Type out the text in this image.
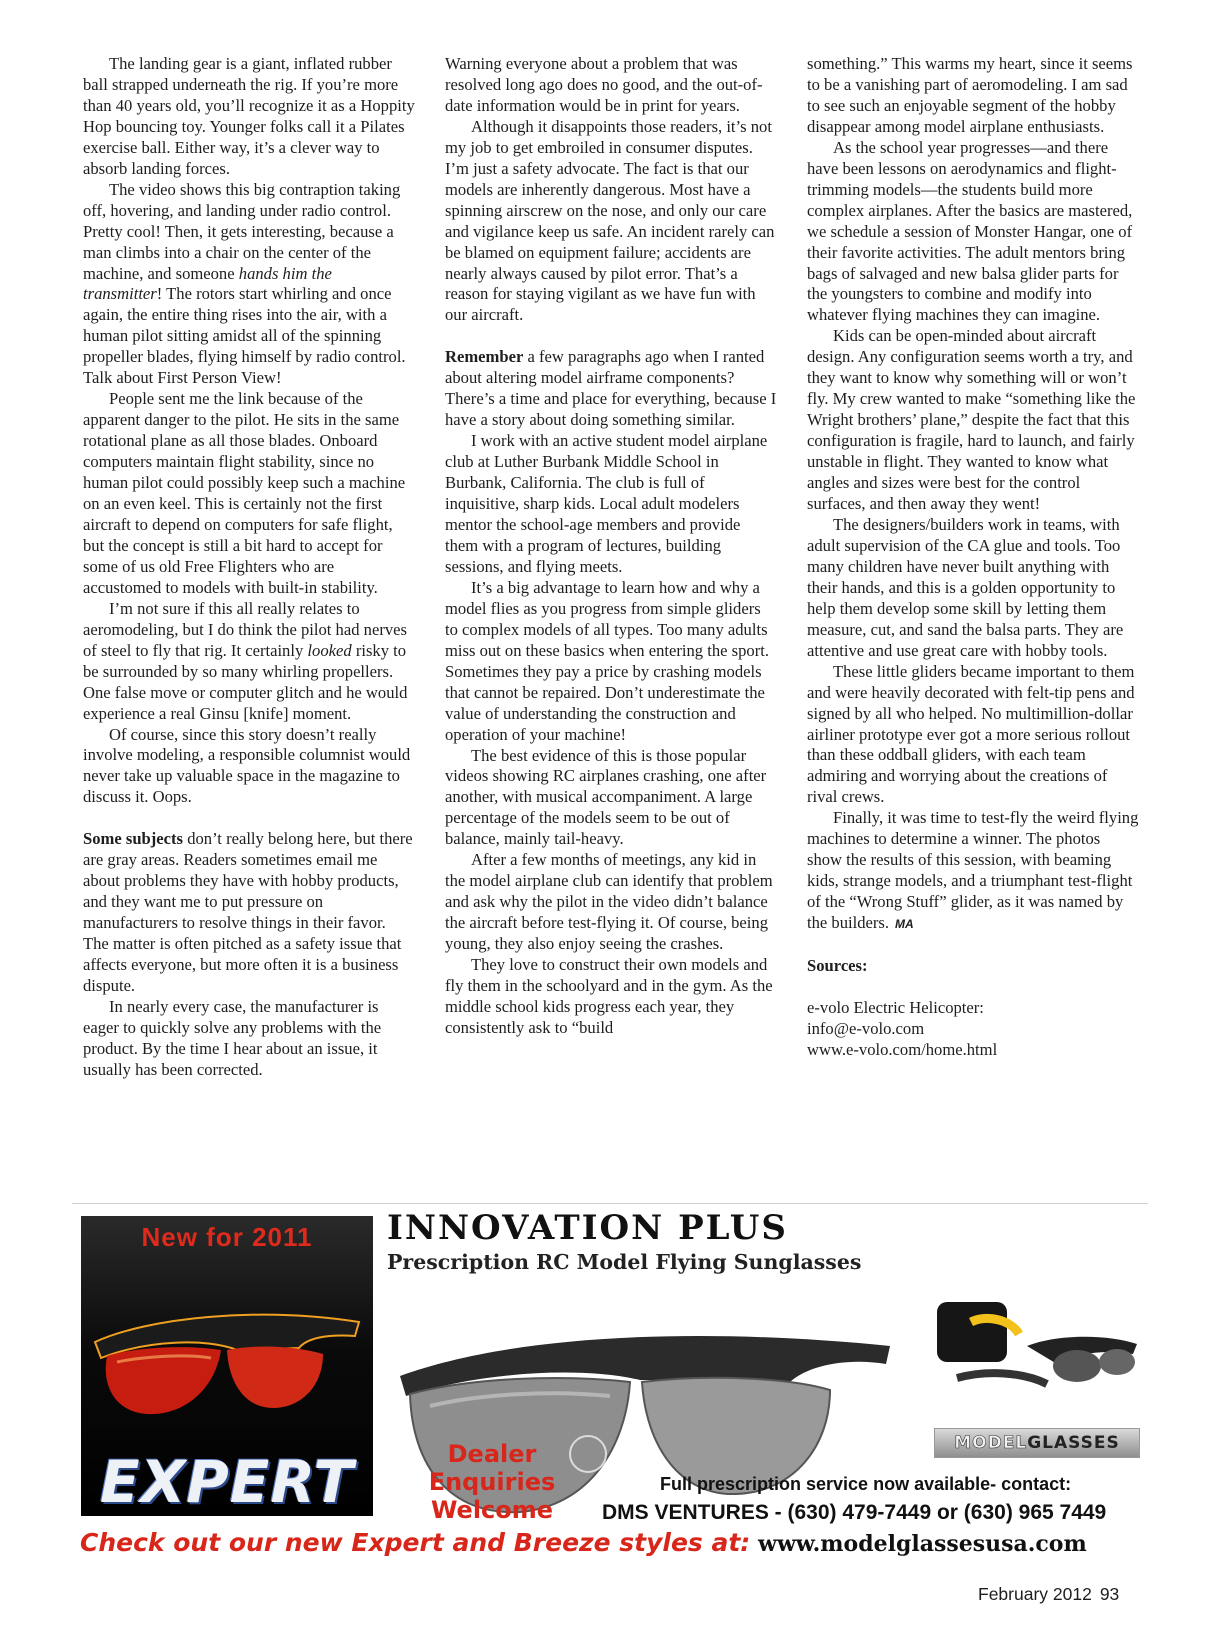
The landing gear is a giant, inflated rubber ball strapped underneath the rig. If you’re more than 40 years old, you’ll recognize it as a Hoppity Hop bouncing toy. Younger folks call it a Pilates exercise ball. Either way, it’s a clever way to absorb landing forces.

The video shows this big contraption taking off, hovering, and landing under radio control. Pretty cool! Then, it gets interesting, because a man climbs into a chair on the center of the machine, and someone hands him the transmitter! The rotors start whirling and once again, the entire thing rises into the air, with a human pilot sitting amidst all of the spinning propeller blades, flying himself by radio control. Talk about First Person View!

People sent me the link because of the apparent danger to the pilot. He sits in the same rotational plane as all those blades. Onboard computers maintain flight stability, since no human pilot could possibly keep such a machine on an even keel. This is certainly not the first aircraft to depend on computers for safe flight, but the concept is still a bit hard to accept for some of us old Free Flighters who are accustomed to models with built-in stability.

I’m not sure if this all really relates to aeromodeling, but I do think the pilot had nerves of steel to fly that rig. It certainly looked risky to be surrounded by so many whirling propellers. One false move or computer glitch and he would experience a real Ginsu [knife] moment.

Of course, since this story doesn’t really involve modeling, a responsible columnist would never take up valuable space in the magazine to discuss it. Oops.

Some subjects don’t really belong here, but there are gray areas. Readers sometimes email me about problems they have with hobby products, and they want me to put pressure on manufacturers to resolve things in their favor. The matter is often pitched as a safety issue that affects everyone, but more often it is a business dispute.

In nearly every case, the manufacturer is eager to quickly solve any problems with the product. By the time I hear about an issue, it usually has been corrected.

Warning everyone about a problem that was resolved long ago does no good, and the out-of-date information would be in print for years.

Although it disappoints those readers, it’s not my job to get embroiled in consumer disputes. I’m just a safety advocate. The fact is that our models are inherently dangerous. Most have a spinning airscrew on the nose, and only our care and vigilance keep us safe. An incident rarely can be blamed on equipment failure; accidents are nearly always caused by pilot error. That’s a reason for staying vigilant as we have fun with our aircraft.

Remember a few paragraphs ago when I ranted about altering model airframe components? There’s a time and place for everything, because I have a story about doing something similar.

I work with an active student model airplane club at Luther Burbank Middle School in Burbank, California. The club is full of inquisitive, sharp kids. Local adult modelers mentor the school-age members and provide them with a program of lectures, building sessions, and flying meets.

It’s a big advantage to learn how and why a model flies as you progress from simple gliders to complex models of all types. Too many adults miss out on these basics when entering the sport. Sometimes they pay a price by crashing models that cannot be repaired. Don’t underestimate the value of understanding the construction and operation of your machine!

The best evidence of this is those popular videos showing RC airplanes crashing, one after another, with musical accompaniment. A large percentage of the models seem to be out of balance, mainly tail-heavy.

After a few months of meetings, any kid in the model airplane club can identify that problem and ask why the pilot in the video didn’t balance the aircraft before test-flying it. Of course, being young, they also enjoy seeing the crashes.

They love to construct their own models and fly them in the schoolyard and in the gym. As the middle school kids progress each year, they consistently ask to “build

something.” This warms my heart, since it seems to be a vanishing part of aeromodeling. I am sad to see such an enjoyable segment of the hobby disappear among model airplane enthusiasts.

As the school year progresses—and there have been lessons on aerodynamics and flight-trimming models—the students build more complex airplanes. After the basics are mastered, we schedule a session of Monster Hangar, one of their favorite activities. The adult mentors bring bags of salvaged and new balsa glider parts for the youngsters to combine and modify into whatever flying machines they can imagine.

Kids can be open-minded about aircraft design. Any configuration seems worth a try, and they want to know why something will or won’t fly. My crew wanted to make “something like the Wright brothers’ plane,” despite the fact that this configuration is fragile, hard to launch, and fairly unstable in flight. They wanted to know what angles and sizes were best for the control surfaces, and then away they went!

The designers/builders work in teams, with adult supervision of the CA glue and tools. Too many children have never built anything with their hands, and this is a golden opportunity to help them develop some skill by letting them measure, cut, and sand the balsa parts. They are attentive and use great care with hobby tools.

These little gliders became important to them and were heavily decorated with felt-tip pens and signed by all who helped. No multimillion-dollar airliner prototype ever got a more serious rollout than these oddball gliders, with each team admiring and worrying about the creations of rival crews.

Finally, it was time to test-fly the weird flying machines to determine a winner. The photos show the results of this session, with beaming kids, strange models, and a triumphant test-flight of the “Wrong Stuff” glider, as it was named by the builders. MA

Sources:

e-volo Electric Helicopter:

info@e-volo.com

www.e-volo.com/home.html

New for 2011
EXPERT
INNOVATION PLUS
Prescription RC Model Flying Sunglasses
MODELGLASSES
Dealer Enquiries
Welcome
Full prescription service now available- contact:
DMS VENTURES - (630) 479-7449 or (630) 965 7449
Check out our new Expert and Breeze styles at: www.modelglassesusa.com
February 2012 93
